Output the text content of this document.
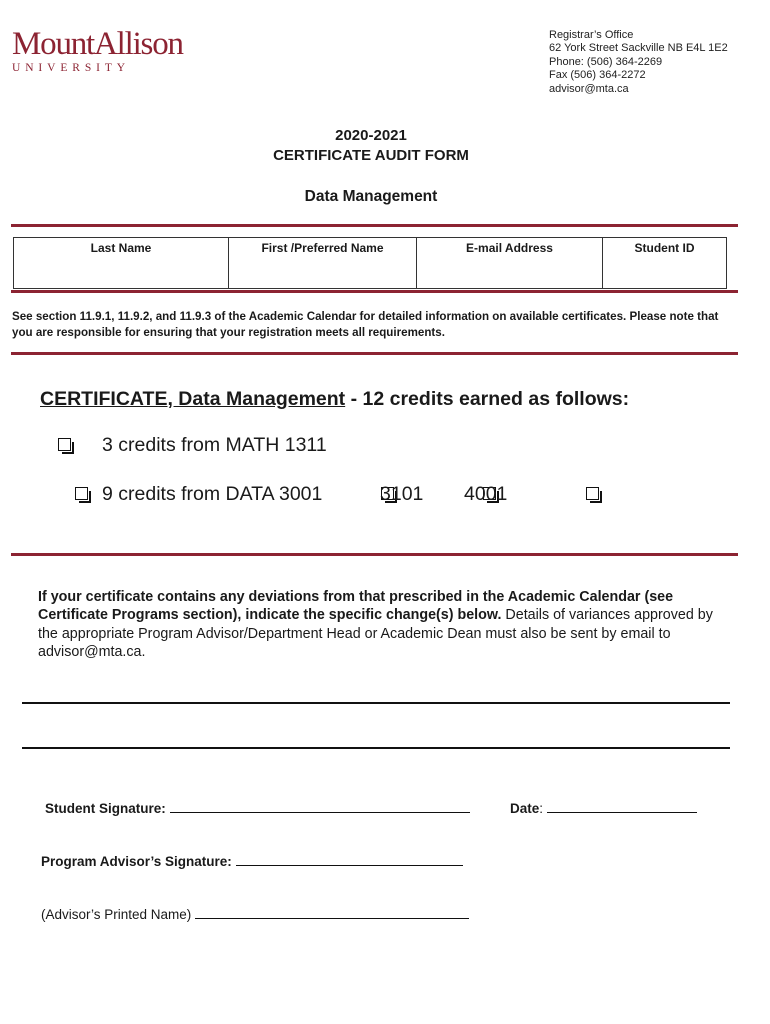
MountAllison
UNIVERSITY
Registrar’s Office
62 York Street Sackville NB E4L 1E2
Phone: (506) 364-2269
Fax (506) 364-2272
advisor@mta.ca
2020-2021
CERTIFICATE AUDIT FORM
Data Management
Last Name	First /Preferred Name	E-mail Address	Student ID
See section 11.9.1, 11.9.2, and 11.9.3 of the Academic Calendar for detailed information on available certificates. Please note that you are responsible for ensuring that your registration meets all requirements.
CERTIFICATE, Data Management - 12 credits earned as follows:

3 credits from MATH 1311

9 credits from DATA 3001
	3101
4001
If your certificate contains any deviations from that prescribed in the Academic Calendar (see Certificate Programs section), indicate the specific change(s) below. Details of variances approved by the appropriate Program Advisor/Department Head or Academic Dean must also be sent by email to advisor@mta.ca.
Student Signature:	Date:
Program Advisor’s Signature:
(Advisor’s Printed Name)
